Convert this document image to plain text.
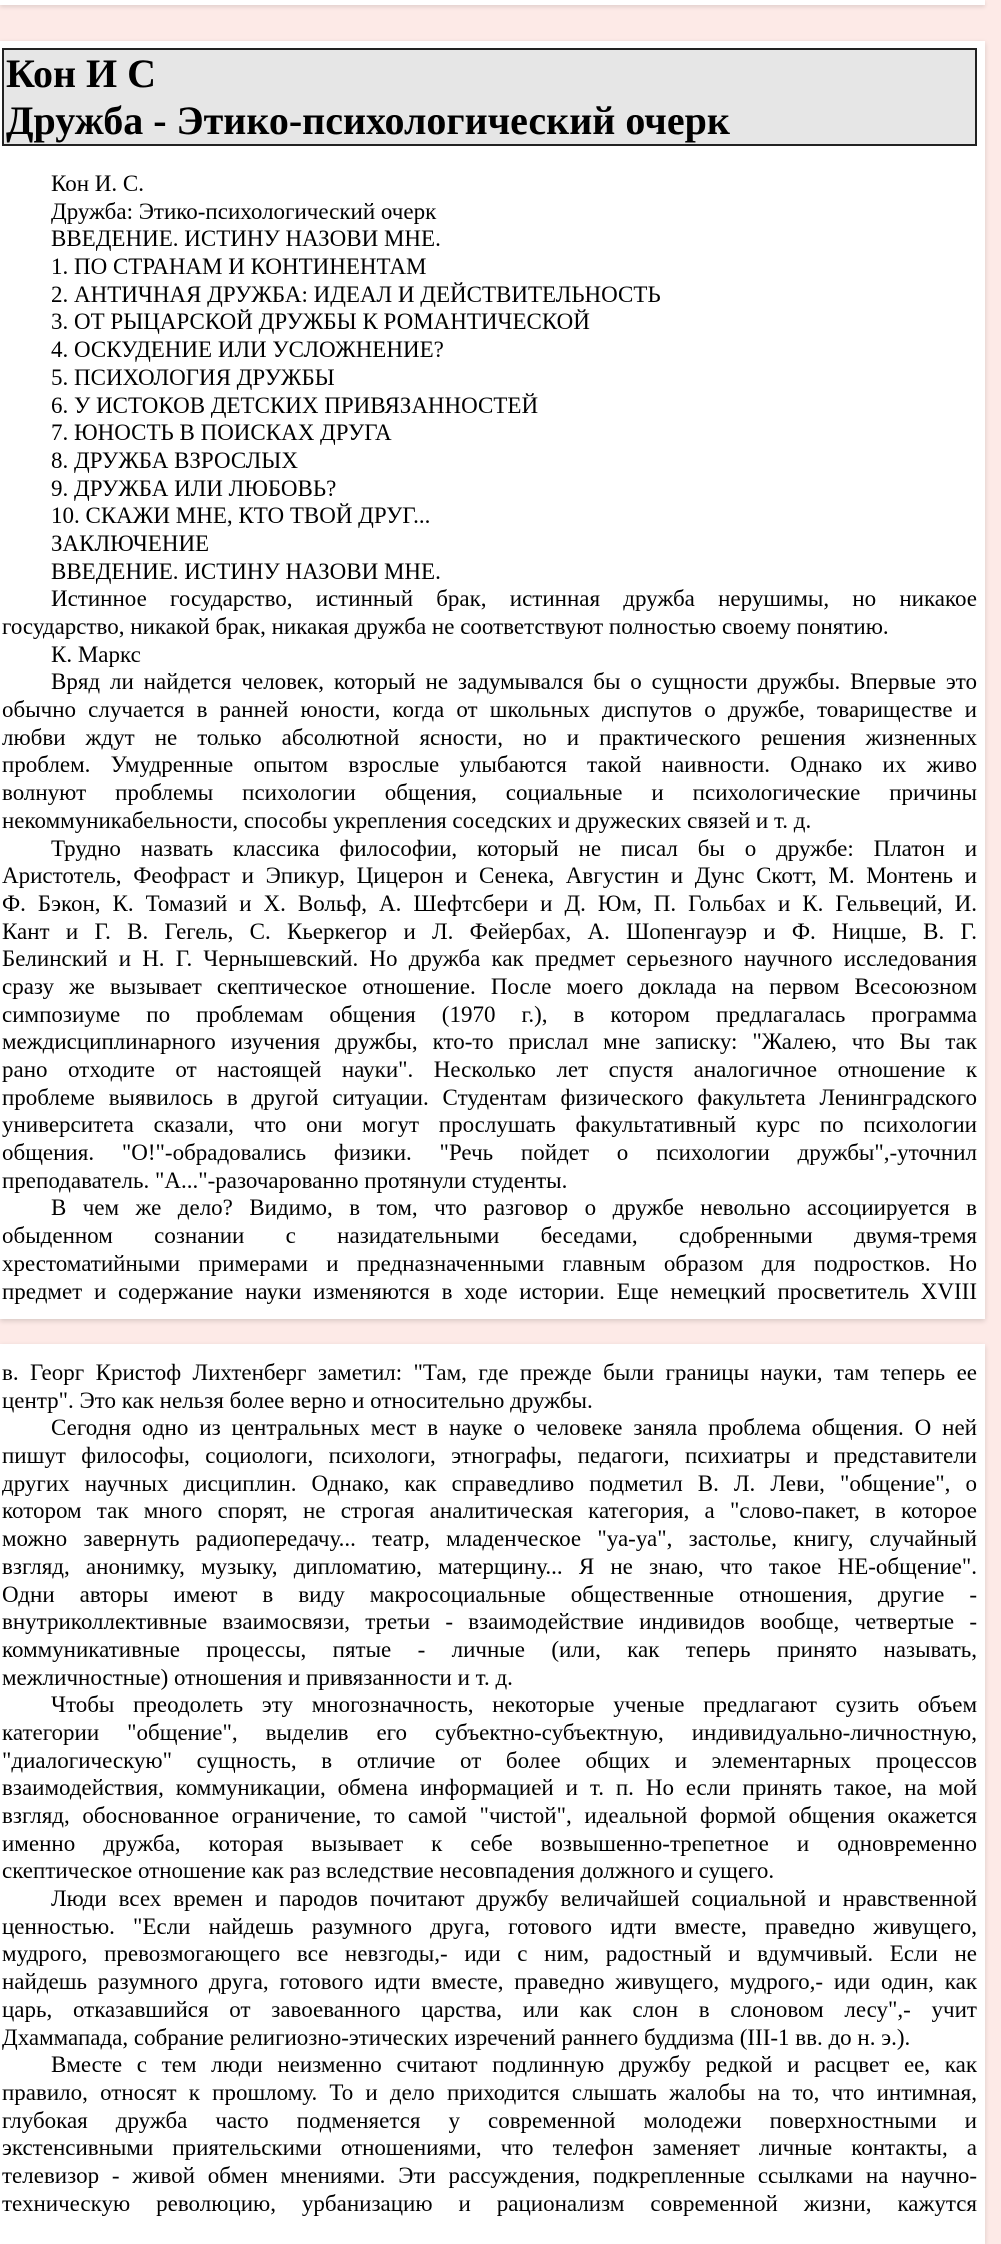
Кон И С
Дружба - Этико-психологический очерк
Кон И. С.
Дружба: Этико-психологический очерк
ВВЕДЕНИЕ. ИСТИНУ НАЗОВИ МНЕ.
1. ПО СТРАНАМ И КОНТИНЕНТАМ
2. АНТИЧНАЯ ДРУЖБА: ИДЕАЛ И ДЕЙСТВИТЕЛЬНОСТЬ
3. ОТ РЫЦАРСКОЙ ДРУЖБЫ К РОМАНТИЧЕСКОЙ
4. ОСКУДЕНИЕ ИЛИ УСЛОЖНЕНИЕ?
5. ПСИХОЛОГИЯ ДРУЖБЫ
6. У ИСТОКОВ ДЕТСКИХ ПРИВЯЗАННОСТЕЙ
7. ЮНОСТЬ В ПОИСКАХ ДРУГА
8. ДРУЖБА ВЗРОСЛЫХ
9. ДРУЖБА ИЛИ ЛЮБОВЬ?
10. СКАЖИ МНЕ, КТО ТВОЙ ДРУГ...
ЗАКЛЮЧЕНИЕ
ВВЕДЕНИЕ. ИСТИНУ НАЗОВИ МНЕ.
Истинное государство, истинный брак, истинная дружба нерушимы, но никакое
государство, никакой брак, никакая дружба не соответствуют полностью своему понятию.
К. Маркс
Вряд ли найдется человек, который не задумывался бы о сущности дружбы. Впервые это
обычно случается в ранней юности, когда от школьных диспутов о дружбе, товариществе и
любви ждут не только абсолютной ясности, но и практического решения жизненных
проблем. Умудренные опытом взрослые улыбаются такой наивности. Однако их живо
волнуют проблемы психологии общения, социальные и психологические причины
некоммуникабельности, способы укрепления соседских и дружеских связей и т. д.
Трудно назвать классика философии, который не писал бы о дружбе: Платон и
Аристотель, Феофраст и Эпикур, Цицерон и Сенека, Августин и Дунс Скотт, М. Монтень и
Ф. Бэкон, К. Томазий и Х. Вольф, А. Шефтсбери и Д. Юм, П. Гольбах и К. Гельвеций, И.
Кант и Г. В. Гегель, С. Кьеркегор и Л. Фейербах, А. Шопенгауэр и Ф. Ницше, В. Г.
Белинский и Н. Г. Чернышевский. Но дружба как предмет серьезного научного исследования
сразу же вызывает скептическое отношение. После моего доклада на первом Всесоюзном
симпозиуме по проблемам общения (1970 г.), в котором предлагалась программа
междисциплинарного изучения дружбы, кто-то прислал мне записку: "Жалею, что Вы так
рано отходите от настоящей науки". Несколько лет спустя аналогичное отношение к
проблеме выявилось в другой ситуации. Студентам физического факультета Ленинградского
университета сказали, что они могут прослушать факультативный курс по психологии
общения. "О!"-обрадовались физики. "Речь пойдет о психологии дружбы",-уточнил
преподаватель. "А..."-разочарованно протянули студенты.
В чем же дело? Видимо, в том, что разговор о дружбе невольно ассоциируется в
обыденном сознании с назидательными беседами, сдобренными двумя-тремя
хрестоматийными примерами и предназначенными главным образом для подростков. Но
предмет и содержание науки изменяются в ходе истории. Еще немецкий просветитель XVIII
в. Георг Кристоф Лихтенберг заметил: "Там, где прежде были границы науки, там теперь ее
центр". Это как нельзя более верно и относительно дружбы.
Сегодня одно из центральных мест в науке о человеке заняла проблема общения. О ней
пишут философы, социологи, психологи, этнографы, педагоги, психиатры и представители
других научных дисциплин. Однако, как справедливо подметил В. Л. Леви, "общение", о
котором так много спорят, не строгая аналитическая категория, а "слово-пакет, в которое
можно завернуть радиопередачу... театр, младенческое "уа-уа", застолье, книгу, случайный
взгляд, анонимку, музыку, дипломатию, матерщину... Я не знаю, что такое НЕ-общение".
Одни авторы имеют в виду макросоциальные общественные отношения, другие -
внутриколлективные взаимосвязи, третьи - взаимодействие индивидов вообще, четвертые -
коммуникативные процессы, пятые - личные (или, как теперь принято называть,
межличностные) отношения и привязанности и т. д.
Чтобы преодолеть эту многозначность, некоторые ученые предлагают сузить объем
категории "общение", выделив его субъектно-субъектную, индивидуально-личностную,
"диалогическую" сущность, в отличие от более общих и элементарных процессов
взаимодействия, коммуникации, обмена информацией и т. п. Но если принять такое, на мой
взгляд, обоснованное ограничение, то самой "чистой", идеальной формой общения окажется
именно дружба, которая вызывает к себе возвышенно-трепетное и одновременно
скептическое отношение как раз вследствие несовпадения должного и сущего.
Люди всех времен и пародов почитают дружбу величайшей социальной и нравственной
ценностью. "Если найдешь разумного друга, готового идти вместе, праведно живущего,
мудрого, превозмогающего все невзгоды,- иди с ним, радостный и вдумчивый. Если не
найдешь разумного друга, готового идти вместе, праведно живущего, мудрого,- иди один, как
царь, отказавшийся от завоеванного царства, или как слон в слоновом лесу",- учит
Дхаммапада, собрание религиозно-этических изречений раннего буддизма (III-1 вв. до н. э.).
Вместе с тем люди неизменно считают подлинную дружбу редкой и расцвет ее, как
правило, относят к прошлому. То и дело приходится слышать жалобы на то, что интимная,
глубокая дружба часто подменяется у современной молодежи поверхностными и
экстенсивными приятельскими отношениями, что телефон заменяет личные контакты, а
телевизор - живой обмен мнениями. Эти рассуждения, подкрепленные ссылками на научно-
техническую революцию, урбанизацию и рационализм современной жизни, кажутся
